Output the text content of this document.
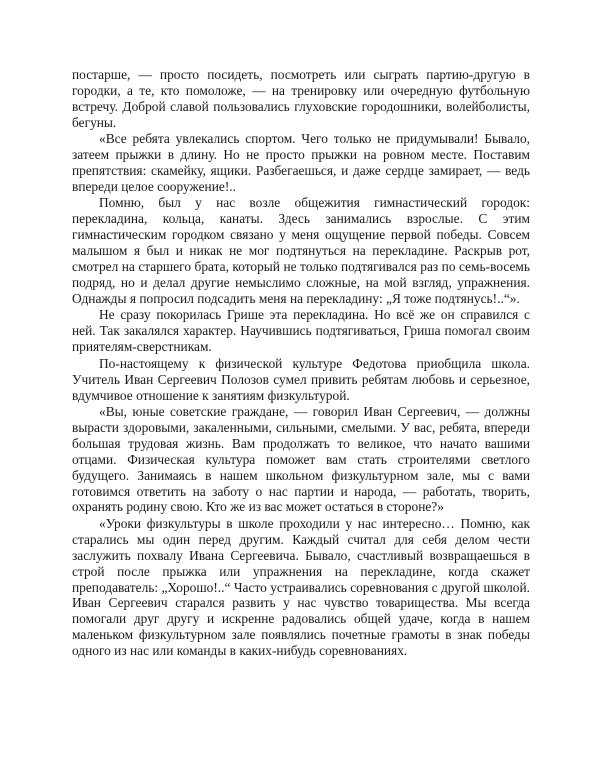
постарше, — просто посидеть, посмотреть или сыграть партию-другую в городки, а те, кто помоложе, — на тренировку или очередную футбольную встречу. Доброй славой пользовались глуховские городошники, волейболисты, бегуны.

«Все ребята увлекались спортом. Чего только не придумывали! Бывало, затеем прыжки в длину. Но не просто прыжки на ровном месте. Поставим препятствия: скамейку, ящики. Разбегаешься, и даже сердце замирает, — ведь впереди целое сооружение!..

Помню, был у нас возле общежития гимнастический городок: перекладина, кольца, канаты. Здесь занимались взрослые. С этим гимнастическим городком связано у меня ощущение первой победы. Совсем малышом я был и никак не мог подтянуться на перекладине. Раскрыв рот, смотрел на старшего брата, который не только подтягивался раз по семь-восемь подряд, но и делал другие немыслимо сложные, на мой взгляд, упражнения. Однажды я попросил подсадить меня на перекладину: „Я тоже подтянусь!..“».

Не сразу покорилась Грише эта перекладина. Но всё же он справился с ней. Так закалялся характер. Научившись подтягиваться, Гриша помогал своим приятелям-сверстникам.

По-настоящему к физической культуре Федотова приобщила школа. Учитель Иван Сергеевич Полозов сумел привить ребятам любовь и серьезное, вдумчивое отношение к занятиям физкультурой.

«Вы, юные советские граждане, — говорил Иван Сергеевич, — должны вырасти здоровыми, закаленными, сильными, смелыми. У вас, ребята, впереди большая трудовая жизнь. Вам продолжать то великое, что начато вашими отцами. Физическая культура поможет вам стать строителями светлого будущего. Занимаясь в нашем школьном физкультурном зале, мы с вами готовимся ответить на заботу о нас партии и народа, — работать, творить, охранять родину свою. Кто же из вас может остаться в стороне?»

«Уроки физкультуры в школе проходили у нас интересно… Помню, как старались мы один перед другим. Каждый считал для себя делом чести заслужить похвалу Ивана Сергеевича. Бывало, счастливый возвращаешься в строй после прыжка или упражнения на перекладине, когда скажет преподаватель: „Хорошо!..“ Часто устраивались соревнования с другой школой. Иван Сергеевич старался развить у нас чувство товарищества. Мы всегда помогали друг другу и искренне радовались общей удаче, когда в нашем маленьком физкультурном зале появлялись почетные грамоты в знак победы одного из нас или команды в каких-нибудь соревнованиях.
